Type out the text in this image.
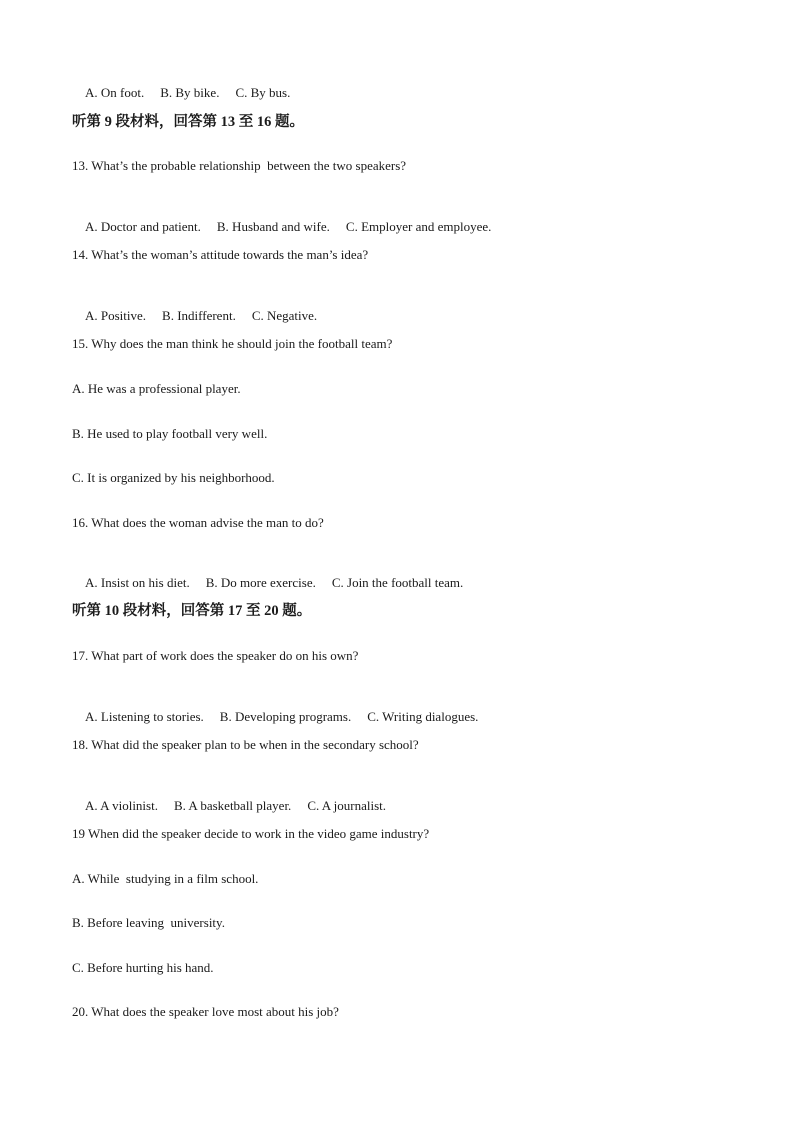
A. On foot. B. By bike. C. By bus.

听第 9 段材料，回答第 13 至 16 题。
13. What’s the probable relationship  between the two speakers?

A. Doctor and patient. B. Husband and wife. C. Employer and employee.

14. What’s the woman’s attitude towards the man’s idea?

A. Positive. B. Indifferent. C. Negative.

15. Why does the man think he should join the football team?
A. He was a professional player.
B. He used to play football very well.
C. It is organized by his neighborhood.
16. What does the woman advise the man to do?

A. Insist on his diet. B. Do more exercise. C. Join the football team.

听第 10 段材料，回答第 17 至 20 题。
17. What part of work does the speaker do on his own?

A. Listening to stories. B. Developing programs. C. Writing dialogues.

18. What did the speaker plan to be when in the secondary school?

A. A violinist. B. A basketball player. C. A journalist.

19 When did the speaker decide to work in the video game industry?
A. While  studying in a film school.
B. Before leaving  university.
C. Before hurting his hand.
20. What does the speaker love most about his job?
